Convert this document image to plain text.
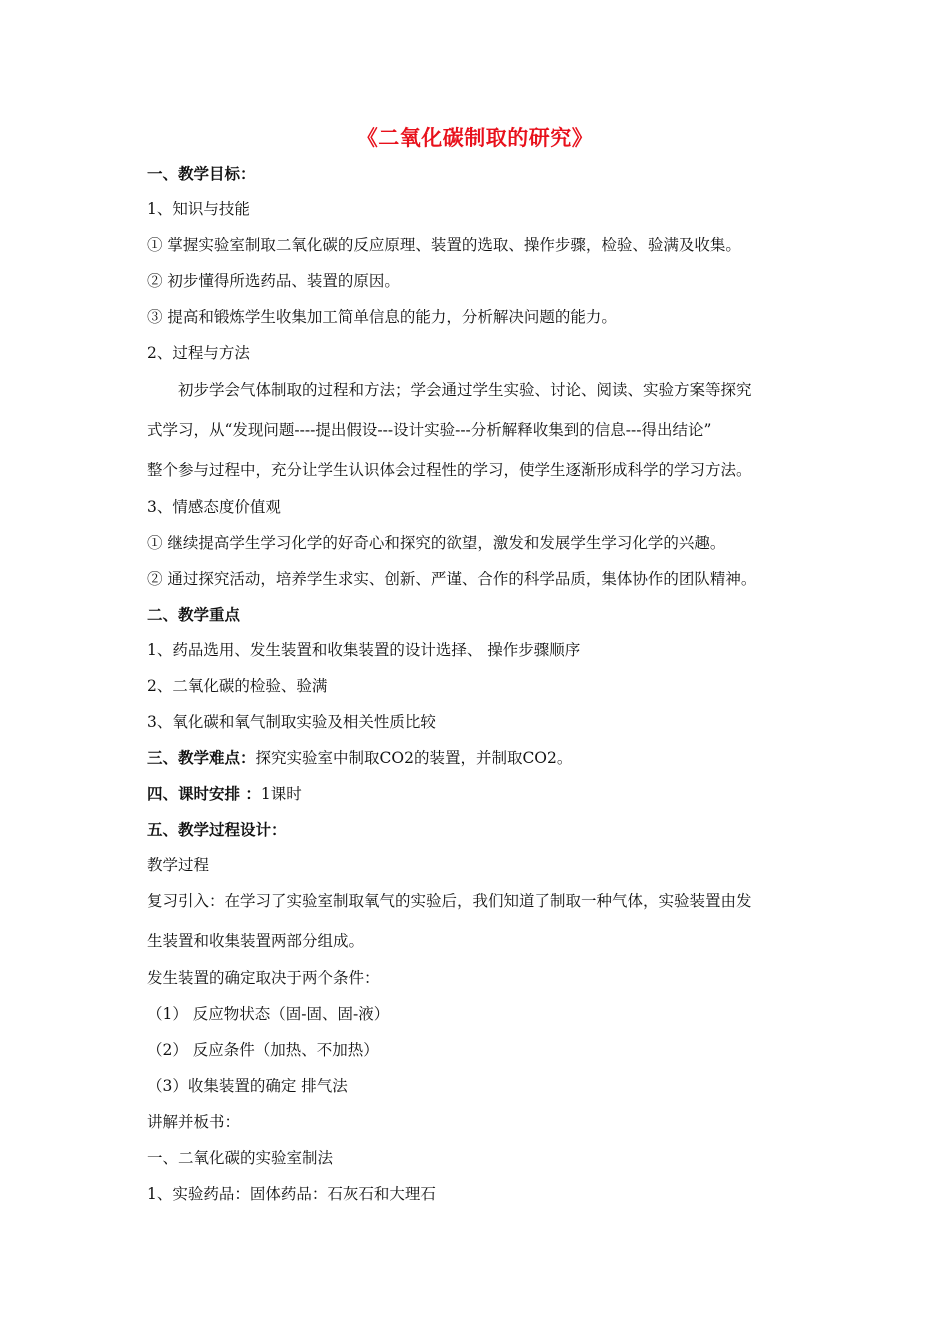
《二氧化碳制取的研究》
一、教学目标：
1、知识与技能
① 掌握实验室制取二氧化碳的反应原理、装置的选取、操作步骤，检验、验满及收集。
② 初步懂得所选药品、装置的原因。
③ 提高和锻炼学生收集加工简单信息的能力，分析解决问题的能力。
2、过程与方法
初步学会气体制取的过程和方法；学会通过学生实验、讨论、阅读、实验方案等探究
式学习，从“发现问题----提出假设---设计实验---分析解释收集到的信息---得出结论”
整个参与过程中，充分让学生认识体会过程性的学习，使学生逐渐形成科学的学习方法。
3、情感态度价值观
① 继续提高学生学习化学的好奇心和探究的欲望，激发和发展学生学习化学的兴趣。
② 通过探究活动，培养学生求实、创新、严谨、合作的科学品质，集体协作的团队精神。
二、教学重点
1、药品选用、发生装置和收集装置的设计选择、 操作步骤顺序
2、二氧化碳的检验、验满
3、氧化碳和氧气制取实验及相关性质比较
三、教学难点：探究实验室中制取CO2的装置，并制取CO2。
四、课时安排 ：1课时
五、教学过程设计：
教学过程
复习引入：在学习了实验室制取氧气的实验后，我们知道了制取一种气体，实验装置由发
生装置和收集装置两部分组成。
发生装置的确定取决于两个条件：
（1） 反应物状态（固-固、固-液）
（2） 反应条件（加热、不加热）
（3）收集装置的确定 排气法
讲解并板书：
一、二氧化碳的实验室制法
1、实验药品：固体药品：石灰石和大理石
